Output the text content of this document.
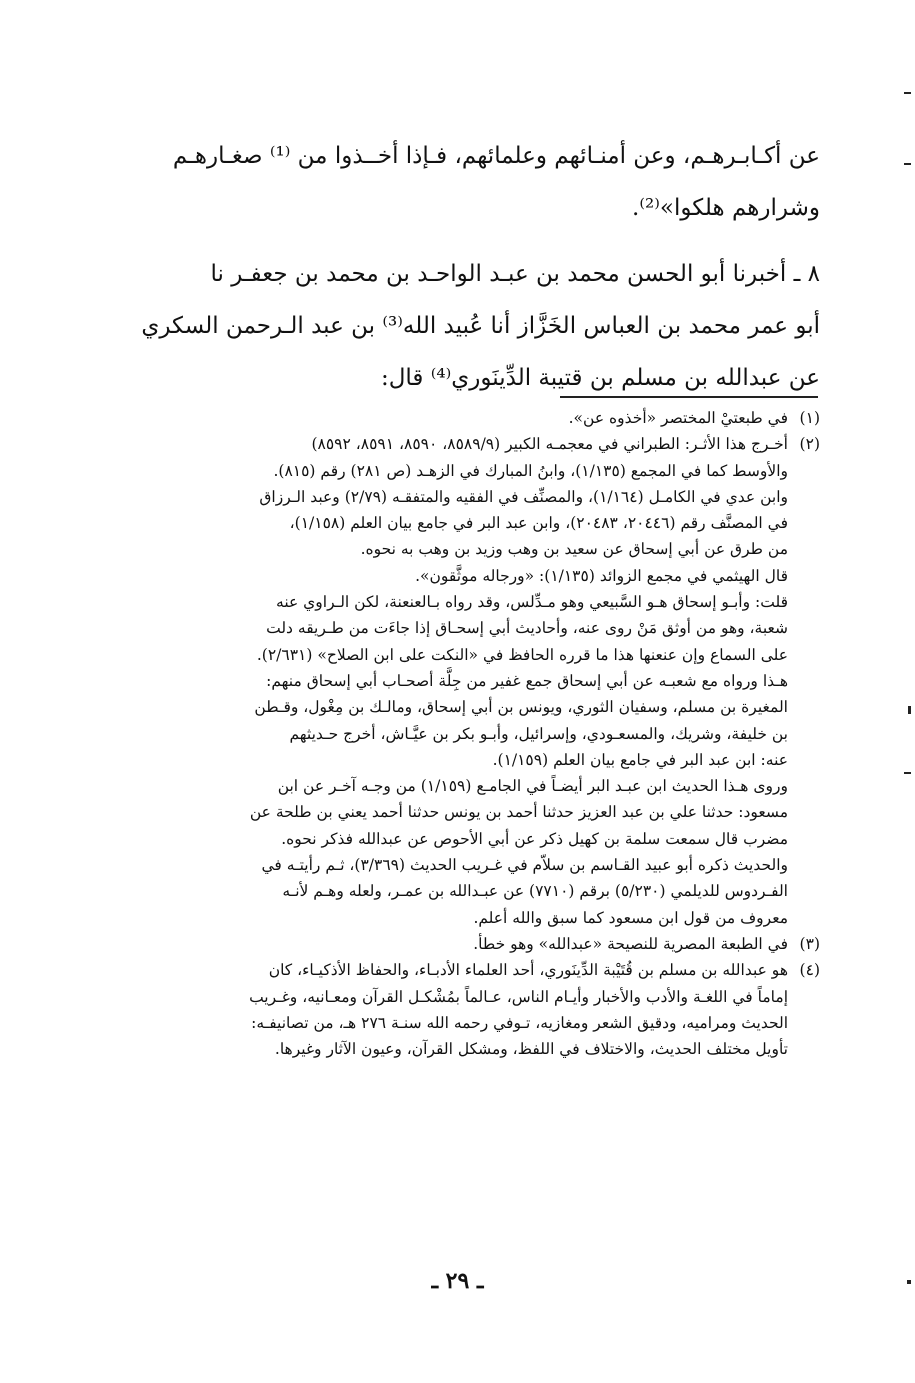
عن أكـابـرهـم، وعن أمنـائهم وعلمائهم، فـإذا أخــذوا من ⁽¹⁾ صغـارهـم

وشرارهم هلكوا»⁽²⁾.

٨ ـ أخبرنا أبو الحسن محمد بن عبـد الواحـد بن محمد بن جعفـر نا

أبو عمر محمد بن العباس الخَزَّاز أنا عُبيد الله⁽³⁾ بن عبد الـرحمن السكري

عن عبدالله بن مسلم بن قتيبة الدِّينَوري⁽⁴⁾ قال:

(١)

في طبعتيْ المختصر «أخذوه عن».

(٢)

أخـرج هذا الأثـر: الطبراني في معجمـه الكبير (٨٥٨٩/٩، ٨٥٩٠، ٨٥٩١، ٨٥٩٢)

والأوسط كما في المجمع (١/١٣٥)، وابنُ المبارك في الزهـد (ص ٢٨١) رقم (٨١٥).

وابن عدي في الكامـل (١/١٦٤)، والمصنِّف في الفقيه والمتفقـه (٢/٧٩) وعبد الـرزاق

في المصنَّف رقم (٢٠٤٤٦، ٢٠٤٨٣)، وابن عبد البر في جامع بيان العلم (١/١٥٨)،

من طرق عن أبي إسحاق عن سعيد بن وهب وزيد بن وهب به نحوه.

قال الهيثمي في مجمع الزوائد (١/١٣٥): «ورجاله موثَّقون».

قلت: وأبـو إسحاق هـو السَّبيعي وهو مـدِّلس، وقد رواه بـالعنعنة، لكن الـراوي عنه

شعبة، وهو من أوثق مَنْ روى عنه، وأحاديث أبي إسحـاق إذا جاءَت من طـريقه دلت

على السماع وإن عنعنها هذا ما قرره الحافظ في «النكت على ابن الصلاح» (٢/٦٣١).

هـذا ورواه مع شعبـه عن أبي إسحاق جمع غفير من جِلَّة أصحـاب أبي إسحاق منهم:

المغيرة بن مسلم، وسفيان الثوري، ويونس بن أبي إسحاق، ومالـك بن مِغْول، وقـطن

بن خليفة، وشريك، والمسعـودي، وإسرائيل، وأبـو بكر بن عيَّـاش، أخرج حـديثهم

عنه: ابن عبد البر في جامع بيان العلم (١/١٥٩).

وروى هـذا الحديث ابن عبـد البر أيضـاً في الجامـع (١/١٥٩) من وجـه آخـر عن ابن

مسعود: حدثنا علي بن عبد العزيز حدثنا أحمد بن يونس حدثنا أحمد يعني بن طلحة عن

مضرب قال سمعت سلمة بن كهيل ذكر عن أبي الأحوص عن عبدالله فذكر نحوه.

والحديث ذكره أبو عبيد القـاسم بن سلاّم في غـريب الحديث (٣/٣٦٩)، ثـم رأيتـه في

الفـردوس للديلمي (٥/٢٣٠) برقم (٧٧١٠) عن عبـدالله بن عمـر، ولعله وهـم لأنـه

معروف من قول ابن مسعود كما سبق والله أعلم.

(٣)

في الطبعة المصرية للنصيحة «عبدالله» وهو خطأ.

(٤)

هو عبدالله بن مسلم بن قُتَيْبة الدِّينَوري، أحد العلماء الأدبـاء، والحفاظ الأذكيـاء، كان

إماماً في اللغـة والأدب والأخبار وأيـام الناس، عـالماً بمُشْكـل القرآن ومعـانيه، وغـريب

الحديث ومراميه، ودقيق الشعر ومغازيه، تـوفي رحمه الله سنـة ٢٧٦ هـ، من تصانيفـه:

تأويل مختلف الحديث، والاختلاف في اللفظ، ومشكل القرآن، وعيون الآثار وغيرها.

ـ ٢٩ ـ
